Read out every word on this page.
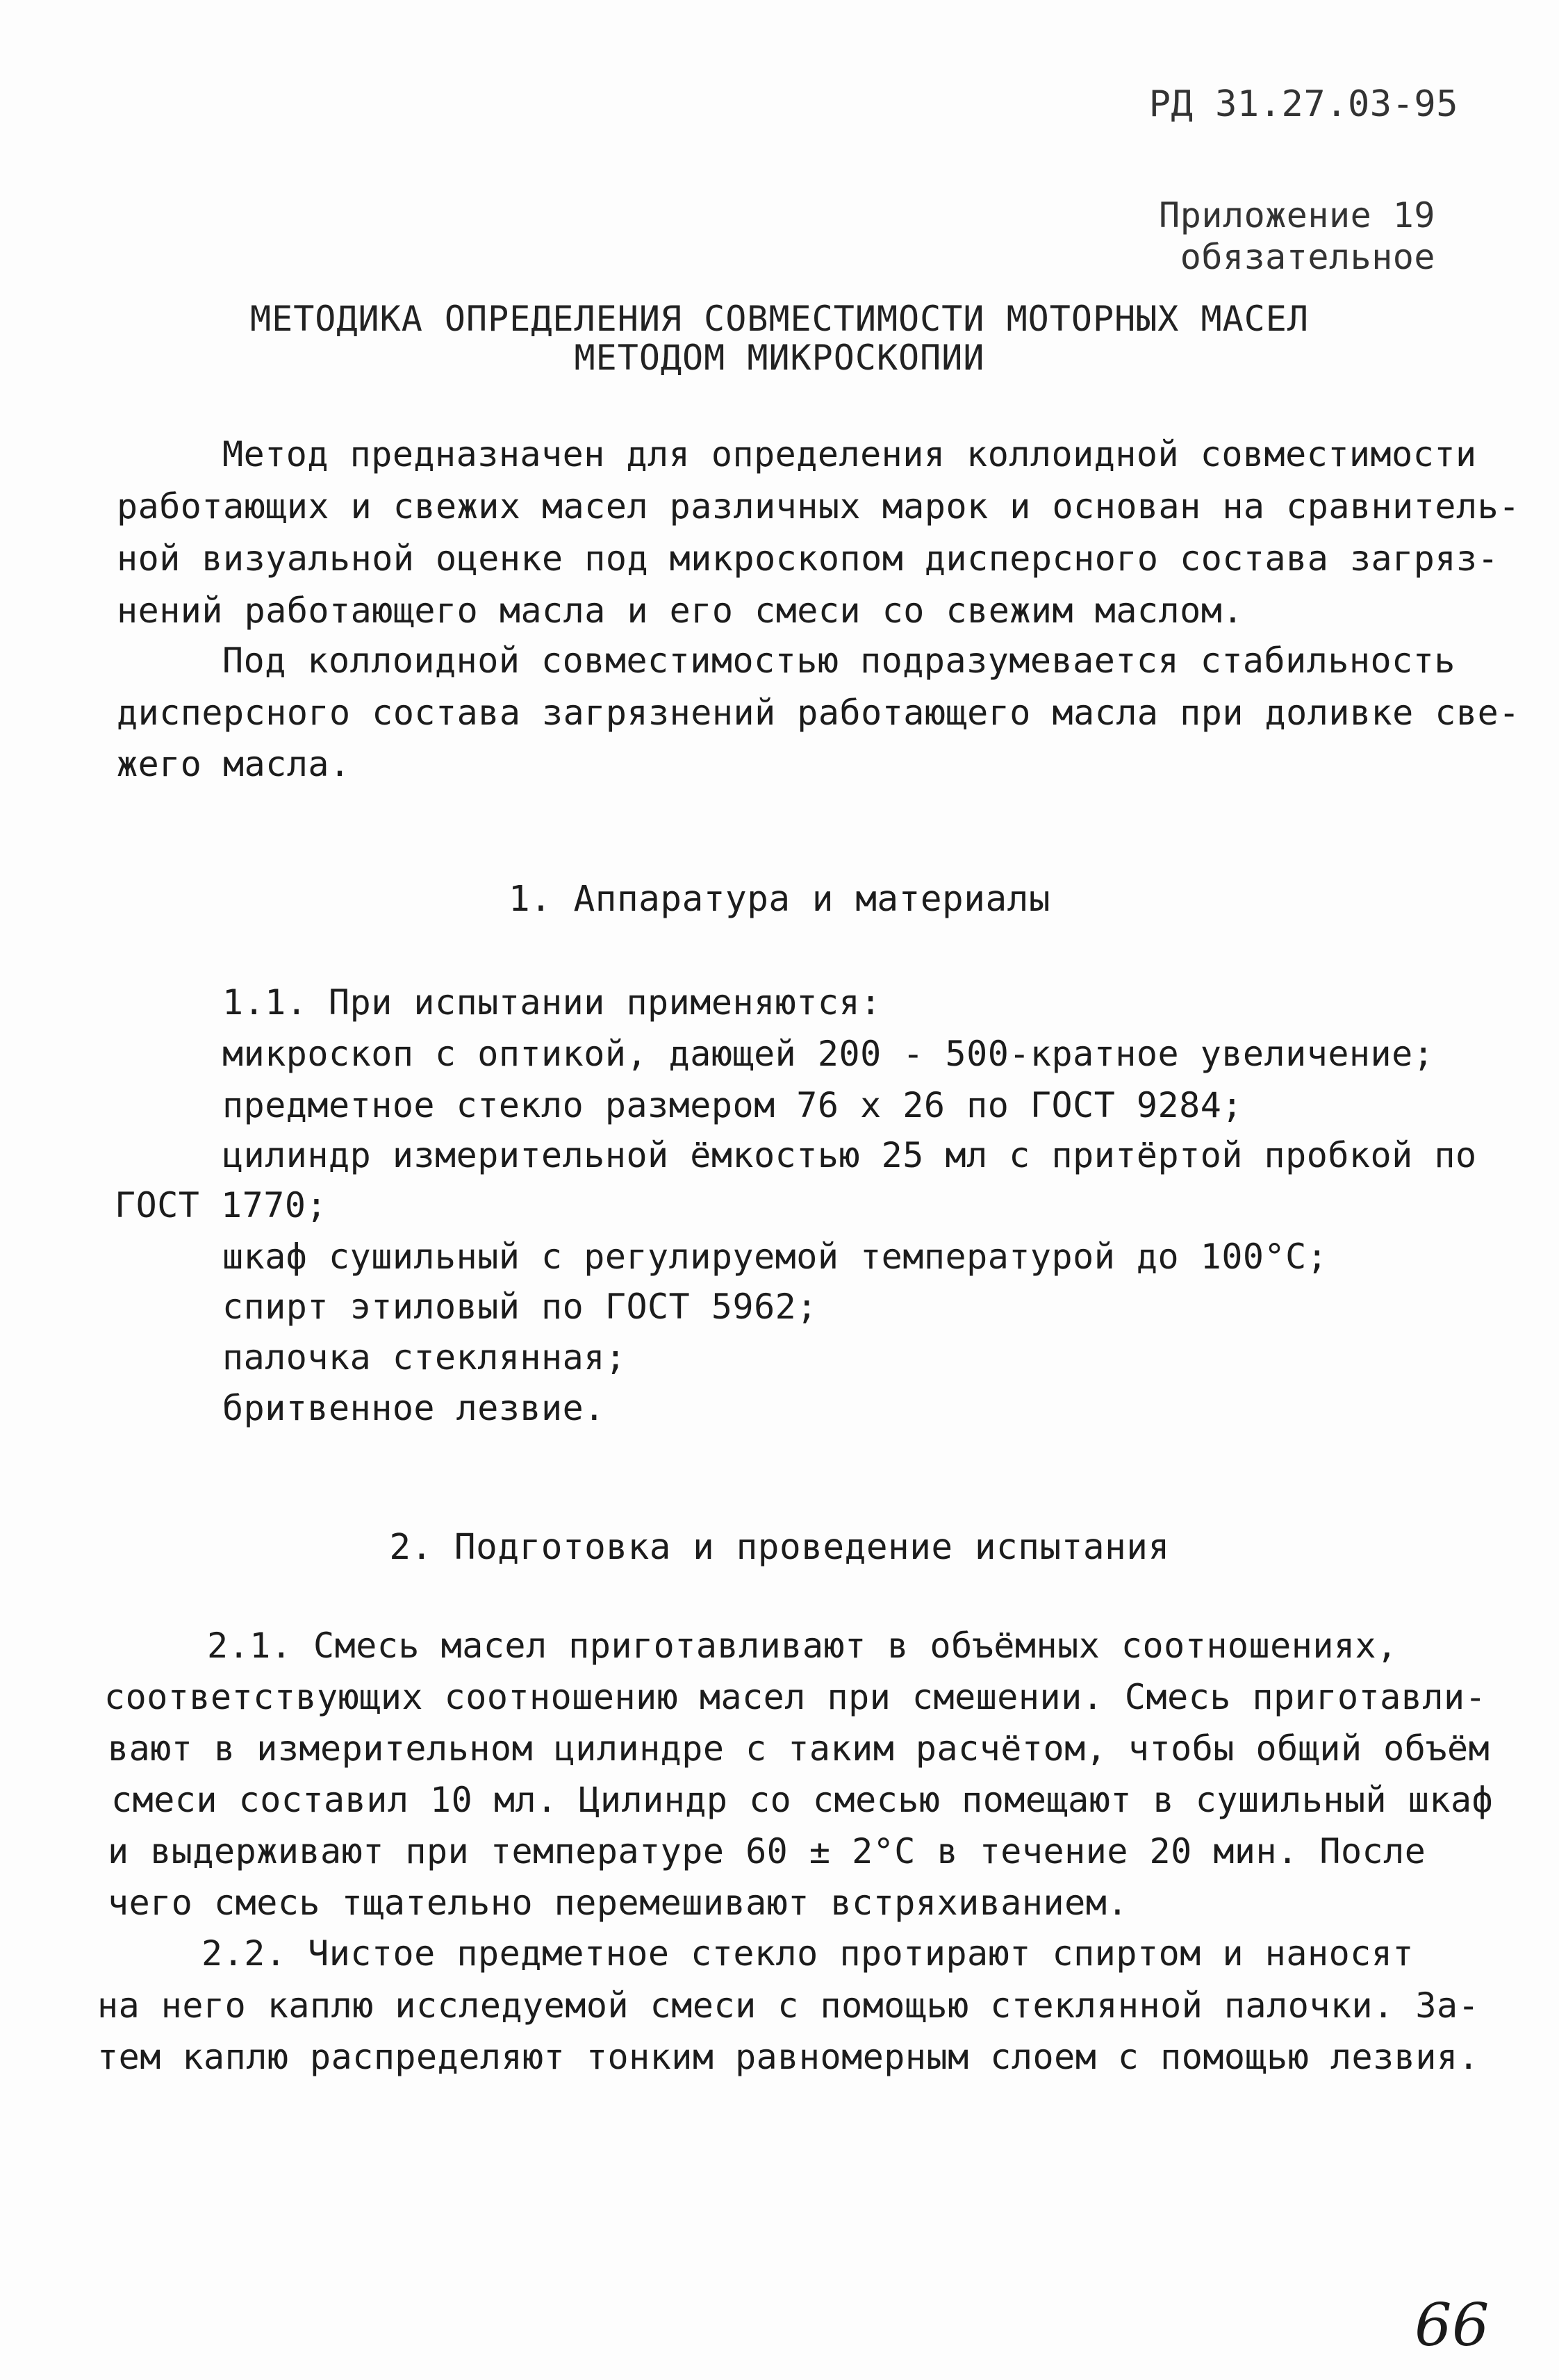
РД 31.27.03-95
Приложение 19
обязательное
МЕТОДИКА ОПРЕДЕЛЕНИЯ СОВМЕСТИМОСТИ МОТОРНЫХ МАСЕЛ
МЕТОДОМ МИКРОСКОПИИ
Метод предназначен для определения коллоидной совместимости
работающих и свежих масел различных марок и основан на сравнитель-
ной визуальной оценке под микроскопом дисперсного состава загряз-
нений работающего масла и его смеси со свежим маслом.
Под коллоидной совместимостью подразумевается стабильность
дисперсного состава загрязнений работающего масла при доливке све-
жего масла.
1. Аппаратура и материалы
1.1. При испытании применяются:
микроскоп с оптикой, дающей 200 - 500-кратное увеличение;
предметное стекло размером 76 х 26 по ГОСТ 9284;
цилиндр измерительной ёмкостью 25 мл с притёртой пробкой по
ГОСТ 1770;
шкаф сушильный с регулируемой температурой до 100°С;
спирт этиловый по ГОСТ 5962;
палочка стеклянная;
бритвенное лезвие.
2. Подготовка и проведение испытания
2.1. Смесь масел приготавливают в объёмных соотношениях,
соответствующих соотношению масел при смешении. Смесь приготавли-
вают в измерительном цилиндре с таким расчётом, чтобы общий объём
смеси составил 10 мл. Цилиндр со смесью помещают в сушильный шкаф
и выдерживают при температуре 60 ± 2°С в течение 20 мин. После
чего смесь тщательно перемешивают встряхиванием.
2.2. Чистое предметное стекло протирают спиртом и наносят
на него каплю исследуемой смеси с помощью стеклянной палочки. За-
тем каплю распределяют тонким равномерным слоем с помощью лезвия.
66
